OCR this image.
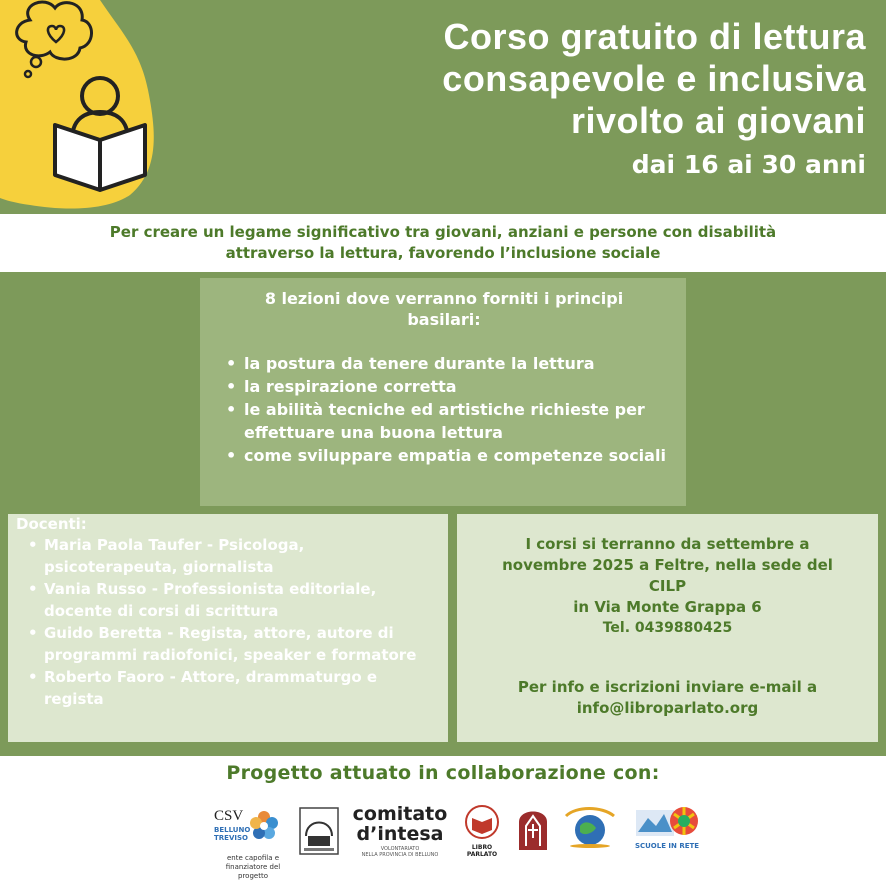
Corso gratuito di lettura
consapevole e inclusiva
rivolto ai giovani
dai 16 ai 30 anni
Per creare un legame significativo tra giovani, anziani e persone con disabilità
attraverso la lettura, favorendo l’inclusione sociale
8 lezioni dove verranno forniti i principi
basilari:
• la postura da tenere durante la lettura
• la respirazione corretta
• le abilità tecniche ed artistiche richieste per effettuare una buona lettura
• come sviluppare empatia e competenze sociali
Docenti:
• Maria Paola Taufer - Psicologa, psicoterapeuta, giornalista
• Vania Russo - Professionista editoriale, docente di corsi di scrittura
• Guido Beretta - Regista, attore, autore di programmi radiofonici, speaker e formatore
• Roberto Faoro - Attore, drammaturgo e regista
I corsi si terranno da settembre a
novembre 2025 a Feltre, nella sede del
CILP
in Via Monte Grappa 6
Tel. 0439880425
Per info e iscrizioni inviare e-mail a
info@libroparlato.org
Progetto attuato in collaborazione con:
CSV
BELLUNO
TREVISO
ente capofila e
finanziatore del
progetto
comitato
d’intesa
VOLONTARIATO
NELLA PROVINCIA DI BELLUNO
LIBRO PARLATO
SCUOLE IN RETE
